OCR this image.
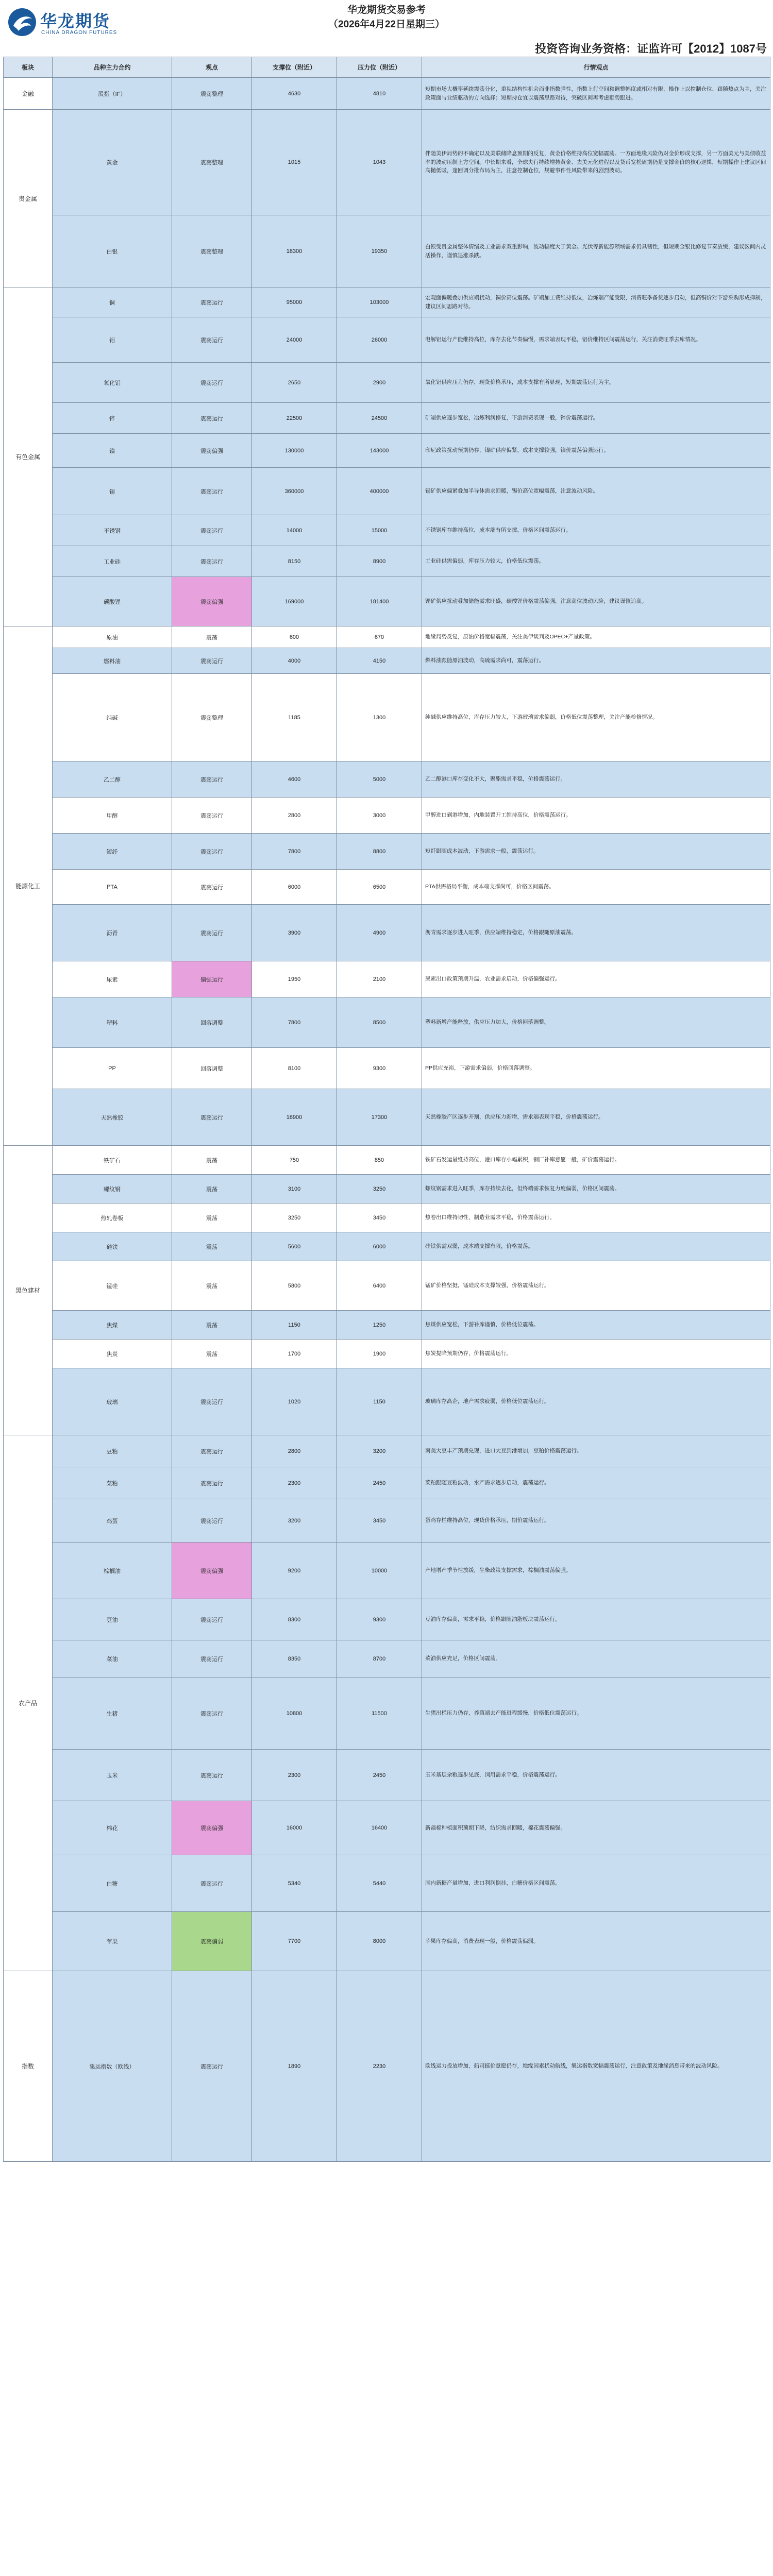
华龙期货
CHINA DRAGON FUTURES
华龙期货交易参考
（2026年4月22日星期三）
投资咨询业务资格：证监许可【2012】1087号
板块	品种主力合约	观点	支撑位（附近）	压力位（附近）	行情观点
金融	股指（IF）	震荡整理	4630	4810	短期市场大概率延续震荡分化，重视结构性机会而非指数弹性，指数上行空间和调整幅度或相对有限，操作上以控制仓位、跟随热点为主，关注政策面与业绩驱动的方向选择；短期持仓宜以震荡思路对待，突破区间再考虑顺势跟进。
贵金属	黄金	震荡整理	1015	1043	伴随美伊局势的不确定以及美联储降息预期的反复，黄金价格维持高位宽幅震荡。一方面地缘风险仍对金价形成支撑，另一方面美元与美债收益率的波动压制上方空间。中长期来看，全球央行持续增持黄金、去美元化进程以及货币宽松周期仍是支撑金价的核心逻辑，短期操作上建议区间高抛低吸，逢回调分批布局为主，注意控制仓位，规避事件性风险带来的剧烈波动。
	白银	震荡整理	18300	19350	白银受贵金属整体情绪及工业需求双重影响，波动幅度大于黄金。光伏等新能源领域需求仍具韧性，但短期金银比修复节奏放缓，建议区间内灵活操作，谨慎追涨杀跌。
有色金属	铜	震荡运行	95000	103000	宏观面偏暖叠加供应端扰动，铜价高位震荡。矿端加工费维持低位，冶炼端产能受限，消费旺季备货逐步启动，但高铜价对下游采购形成抑制，建议区间思路对待。
	铝	震荡运行	24000	26000	电解铝运行产能维持高位，库存去化节奏偏慢，需求端表现平稳，铝价维持区间震荡运行，关注消费旺季去库情况。
	氧化铝	震荡运行	2650	2900	氧化铝供应压力仍存，现货价格承压，成本支撑有所显现，短期震荡运行为主。
	锌	震荡运行	22500	24500	矿端供应逐步宽松，冶炼利润修复，下游消费表现一般，锌价震荡运行。
	镍	震荡偏强	130000	143000	印尼政策扰动预期仍存，镍矿供应偏紧，成本支撑较强，镍价震荡偏强运行。
	锡	震荡运行	360000	400000	锡矿供应偏紧叠加半导体需求回暖，锡价高位宽幅震荡，注意波动风险。
	不锈钢	震荡运行	14000	15000	不锈钢库存维持高位，成本端有所支撑，价格区间震荡运行。
	工业硅	震荡运行	8150	8900	工业硅供需偏弱，库存压力较大，价格低位震荡。
	碳酸锂	震荡偏强	169000	181400	锂矿供应扰动叠加储能需求旺盛，碳酸锂价格震荡偏强，注意高位波动风险，建议谨慎追高。
能源化工	原油	震荡	600	670	地缘局势反复，原油价格宽幅震荡，关注美伊谈判及OPEC+产量政策。
	燃料油	震荡运行	4000	4150	燃料油跟随原油波动，高硫需求尚可，震荡运行。
	纯碱	震荡整理	1185	1300	纯碱供应维持高位，库存压力较大，下游玻璃需求偏弱，价格低位震荡整理，关注产能检修情况。
	乙二醇	震荡运行	4600	5000	乙二醇港口库存变化不大，聚酯需求平稳，价格震荡运行。
	甲醇	震荡运行	2800	3000	甲醇进口到港增加，内地装置开工维持高位，价格震荡运行。
	短纤	震荡运行	7800	8800	短纤跟随成本波动，下游需求一般，震荡运行。
	PTA	震荡运行	6000	6500	PTA供需格局平衡，成本端支撑尚可，价格区间震荡。
	沥青	震荡运行	3900	4900	沥青需求逐步进入旺季，供应端维持稳定，价格跟随原油震荡。
	尿素	偏强运行	1950	2100	尿素出口政策预期升温，农业需求启动，价格偏强运行。
	塑料	回落调整	7800	8500	塑料新增产能释放，供应压力加大，价格回落调整。
	PP	回落调整	8100	9300	PP供应充裕，下游需求偏弱，价格回落调整。
	天然橡胶	震荡运行	16900	17300	天然橡胶产区逐步开割，供应压力渐增，需求端表现平稳，价格震荡运行。
黑色建材	铁矿石	震荡	750	850	铁矿石发运量维持高位，港口库存小幅累积，钢厂补库意愿一般，矿价震荡运行。
	螺纹钢	震荡	3100	3250	螺纹钢需求进入旺季，库存持续去化，但终端需求恢复力度偏弱，价格区间震荡。
	热轧卷板	震荡	3250	3450	热卷出口维持韧性，制造业需求平稳，价格震荡运行。
	硅铁	震荡	5600	6000	硅铁供需双弱，成本端支撑有限，价格震荡。
	锰硅	震荡	5800	6400	锰矿价格坚挺，锰硅成本支撑较强，价格震荡运行。
	焦煤	震荡	1150	1250	焦煤供应宽松，下游补库谨慎，价格低位震荡。
	焦炭	震荡	1700	1900	焦炭提降预期仍存，价格震荡运行。
	玻璃	震荡运行	1020	1150	玻璃库存高企，地产需求疲弱，价格低位震荡运行。
农产品	豆粕	震荡运行	2800	3200	南美大豆丰产预期兑现，进口大豆到港增加，豆粕价格震荡运行。
	菜粕	震荡运行	2300	2450	菜粕跟随豆粕波动，水产需求逐步启动，震荡运行。
	鸡蛋	震荡运行	3200	3450	蛋鸡存栏维持高位，现货价格承压，期价震荡运行。
	棕榈油	震荡偏强	9200	10000	产地增产季节性放缓，生柴政策支撑需求，棕榈油震荡偏强。
	豆油	震荡运行	8300	9300	豆油库存偏高，需求平稳，价格跟随油脂板块震荡运行。
	菜油	震荡运行	8350	8700	菜油供应充足，价格区间震荡。
	生猪	震荡运行	10800	11500	生猪出栏压力仍存，养殖端去产能进程缓慢，价格低位震荡运行。
	玉米	震荡运行	2300	2450	玉米基层余粮逐步见底，饲用需求平稳，价格震荡运行。
	棉花	震荡偏强	16000	16400	新疆棉种植面积预期下降，纺织需求回暖，棉花震荡偏强。
	白糖	震荡运行	5340	5440	国内新糖产量增加，进口利润倒挂，白糖价格区间震荡。
	苹果	震荡偏弱	7700	8000	苹果库存偏高，消费表现一般，价格震荡偏弱。
指数	集运指数（欧线）	震荡运行	1890	2230	欧线运力投放增加，船司挺价意愿仍存，地缘因素扰动航线，集运指数宽幅震荡运行，注意政策及地缘消息带来的波动风险。
